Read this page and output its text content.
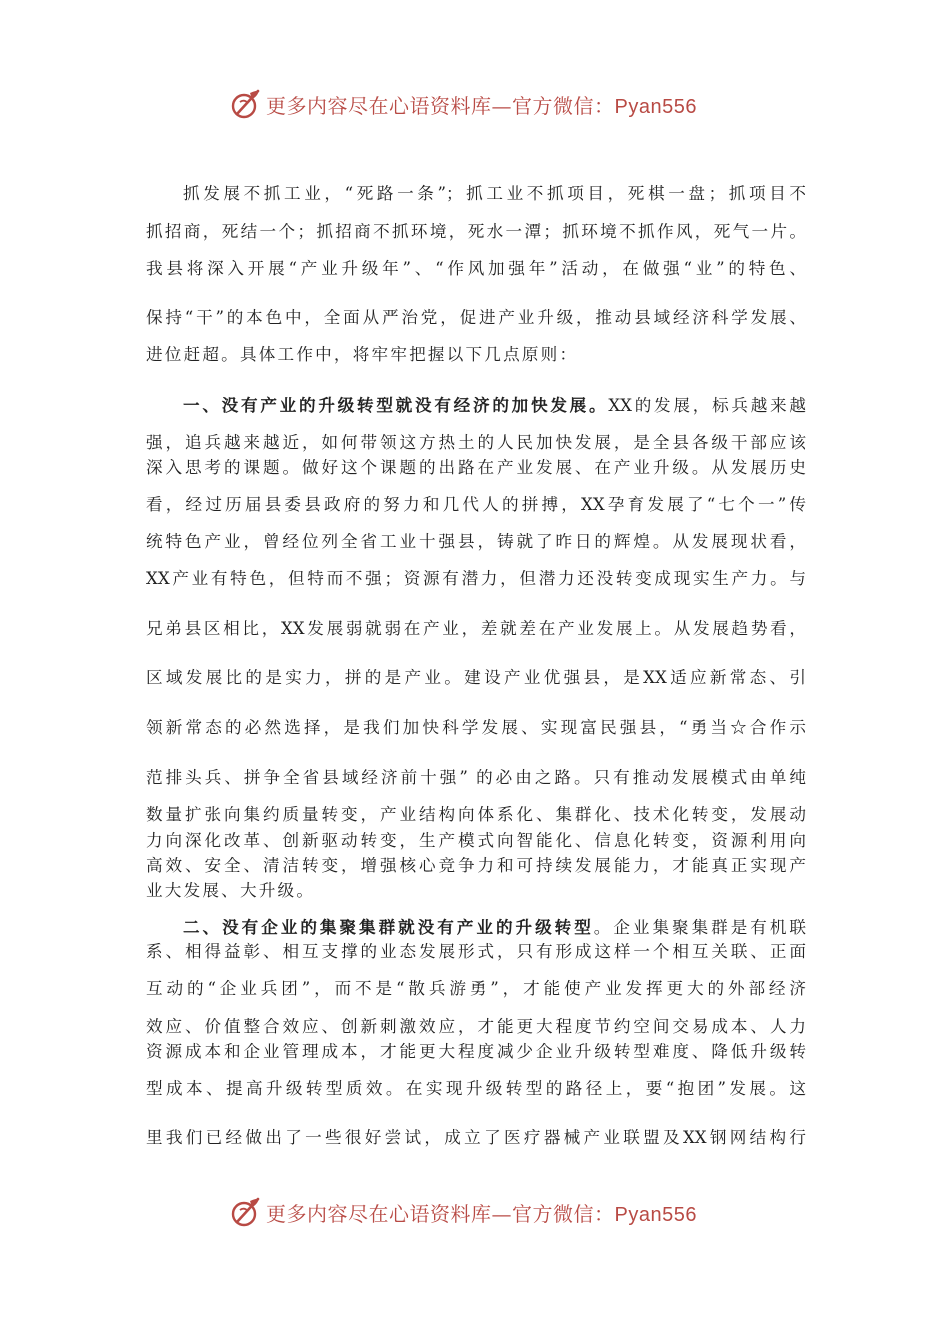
更多内容尽在心语资料库—官方微信：Pyan556
抓发展不抓工业，“死路一条”；抓工业不抓项目，死棋一盘；抓项目不
抓招商，死结一个；抓招商不抓环境，死水一潭；抓环境不抓作风，死气一片。
我县将深入开展“产业升级年”、“作风加强年”活动，在做强“业”的特色、
保持“干”的本色中，全面从严治党，促进产业升级，推动县域经济科学发展、
进位赶超。具体工作中，将牢牢把握以下几点原则：
一、没有产业的升级转型就没有经济的加快发展。XX的发展，标兵越来越
强，追兵越来越近，如何带领这方热土的人民加快发展，是全县各级干部应该
深入思考的课题。做好这个课题的出路在产业发展、在产业升级。从发展历史
看，经过历届县委县政府的努力和几代人的拼搏，XX孕育发展了“七个一”传
统特色产业，曾经位列全省工业十强县，铸就了昨日的辉煌。从发展现状看，
XX产业有特色，但特而不强；资源有潜力，但潜力还没转变成现实生产力。与
兄弟县区相比，XX发展弱就弱在产业，差就差在产业发展上。从发展趋势看，
区域发展比的是实力，拼的是产业。建设产业优强县，是XX适应新常态、引
领新常态的必然选择，是我们加快科学发展、实现富民强县，“勇当☆合作示
范排头兵、拼争全省县域经济前十强” 的必由之路。只有推动发展模式由单纯
数量扩张向集约质量转变，产业结构向体系化、集群化、技术化转变，发展动
力向深化改革、创新驱动转变，生产模式向智能化、信息化转变，资源利用向
高效、安全、清洁转变，增强核心竞争力和可持续发展能力，才能真正实现产
业大发展、大升级。
二、没有企业的集聚集群就没有产业的升级转型。企业集聚集群是有机联
系、相得益彰、相互支撑的业态发展形式，只有形成这样一个相互关联、正面
互动的“企业兵团”，而不是“散兵游勇”，才能使产业发挥更大的外部经济
效应、价值整合效应、创新刺激效应，才能更大程度节约空间交易成本、人力
资源成本和企业管理成本，才能更大程度减少企业升级转型难度、降低升级转
型成本、提高升级转型质效。在实现升级转型的路径上，要“抱团”发展。这
里我们已经做出了一些很好尝试，成立了医疗器械产业联盟及XX钢网结构行
更多内容尽在心语资料库—官方微信：Pyan556
